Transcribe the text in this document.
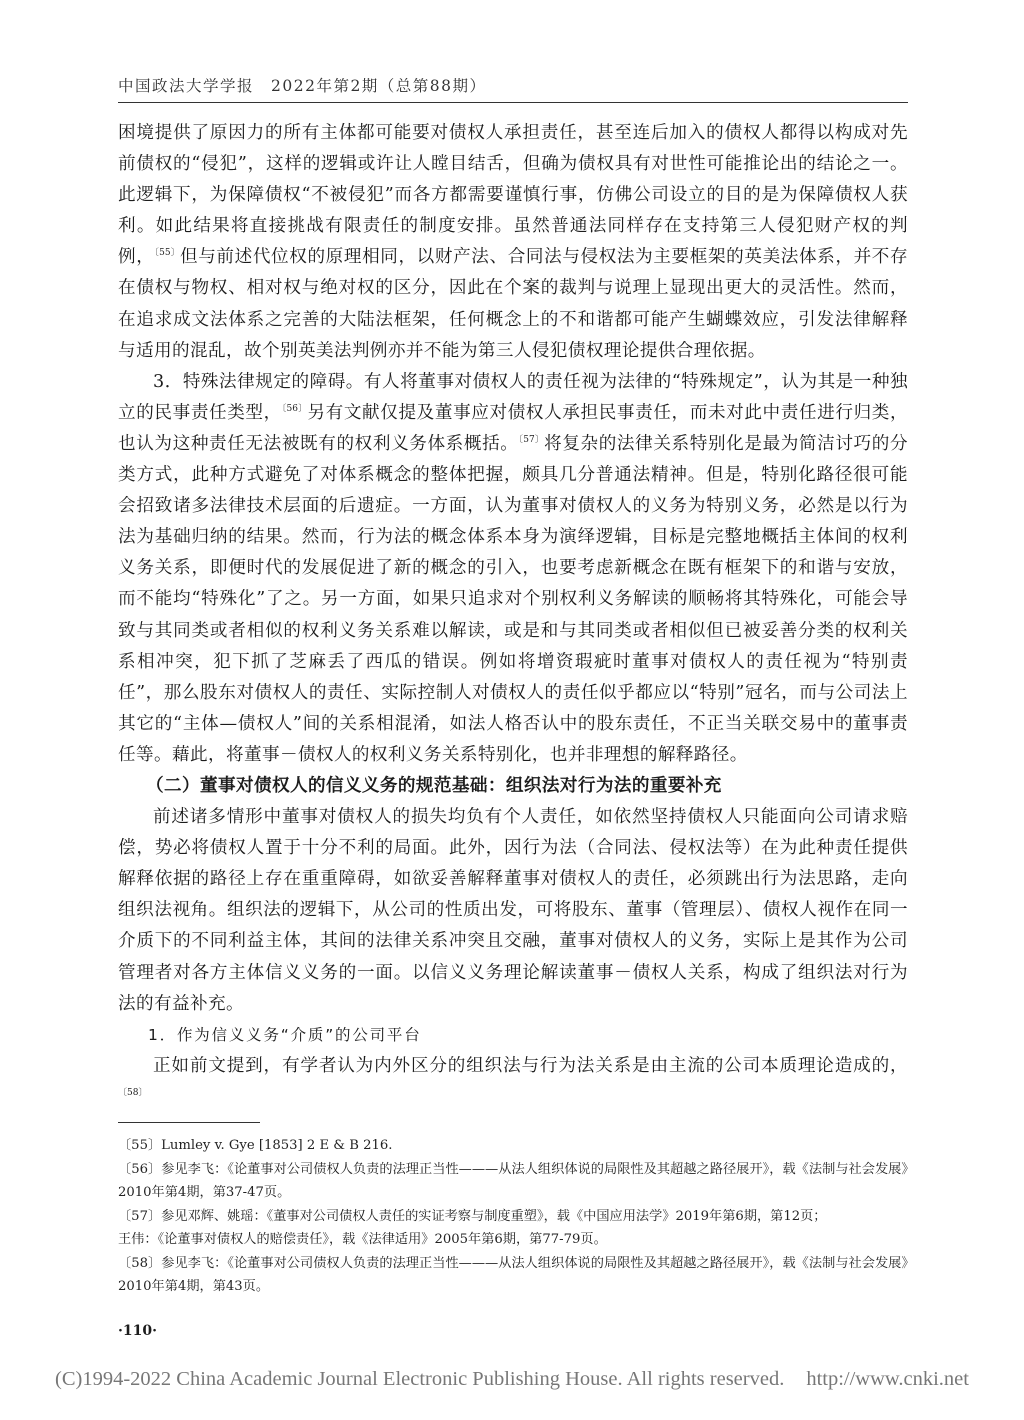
中国政法大学学报　2022年第2期（总第88期）

困境提供了原因力的所有主体都可能要对债权人承担责任，甚至连后加入的债权人都得以构成对先前债权的“侵犯”，这样的逻辑或许让人瞠目结舌，但确为债权具有对世性可能推论出的结论之一。此逻辑下，为保障债权“不被侵犯”而各方都需要谨慎行事，仿佛公司设立的目的是为保障债权人获利。如此结果将直接挑战有限责任的制度安排。虽然普通法同样存在支持第三人侵犯财产权的判例，$^{〔55〕}$但与前述代位权的原理相同，以财产法、合同法与侵权法为主要框架的英美法体系，并不存在债权与物权、相对权与绝对权的区分，因此在个案的裁判与说理上显现出更大的灵活性。然而，在追求成文法体系之完善的大陆法框架，任何概念上的不和谐都可能产生蝴蝶效应，引发法律解释与适用的混乱，故个别英美法判例亦并不能为第三人侵犯债权理论提供合理依据。

3．特殊法律规定的障碍。有人将董事对债权人的责任视为法律的“特殊规定”，认为其是一种独立的民事责任类型，$^{〔56〕}$另有文献仅提及董事应对债权人承担民事责任，而未对此中责任进行归类，也认为这种责任无法被既有的权利义务体系概括。$^{〔57〕}$将复杂的法律关系特别化是最为简洁讨巧的分类方式，此种方式避免了对体系概念的整体把握，颇具几分普通法精神。但是，特别化路径很可能会招致诸多法律技术层面的后遗症。一方面，认为董事对债权人的义务为特别义务，必然是以行为法为基础归纳的结果。然而，行为法的概念体系本身为演绎逻辑，目标是完整地概括主体间的权利义务关系，即便时代的发展促进了新的概念的引入，也要考虑新概念在既有框架下的和谐与安放，而不能均“特殊化”了之。另一方面，如果只追求对个别权利义务解读的顺畅将其特殊化，可能会导致与其同类或者相似的权利义务关系难以解读，或是和与其同类或者相似但已被妥善分类的权利关系相冲突，犯下抓了芝麻丢了西瓜的错误。例如将增资瑕疵时董事对债权人的责任视为“特别责任”，那么股东对债权人的责任、实际控制人对债权人的责任似乎都应以“特别”冠名，而与公司法上其它的“主体—债权人”间的关系相混淆，如法人格否认中的股东责任，不正当关联交易中的董事责任等。藉此，将董事－债权人的权利义务关系特别化，也并非理想的解释路径。

（二）董事对债权人的信义义务的规范基础：组织法对行为法的重要补充

前述诸多情形中董事对债权人的损失均负有个人责任，如依然坚持债权人只能面向公司请求赔偿，势必将债权人置于十分不利的局面。此外，因行为法（合同法、侵权法等）在为此种责任提供解释依据的路径上存在重重障碍，如欲妥善解释董事对债权人的责任，必须跳出行为法思路，走向组织法视角。组织法的逻辑下，从公司的性质出发，可将股东、董事（管理层）、债权人视作在同一介质下的不同利益主体，其间的法律关系冲突且交融，董事对债权人的义务，实际上是其作为公司管理者对各方主体信义义务的一面。以信义义务理论解读董事－债权人关系，构成了组织法对行为法的有益补充。

1．作为信义义务“介质”的公司平台

正如前文提到，有学者认为内外区分的组织法与行为法关系是由主流的公司本质理论造成的，$^{〔58〕}$

〔55〕Lumley v. Gye [1853] 2 E & B 216.

〔56〕参见李飞：《论董事对公司债权人负责的法理正当性———从法人组织体说的局限性及其超越之路径展开》，载《法制与社会发展》2010年第4期，第37-47页。

〔57〕参见邓辉、姚瑶：《董事对公司债权人责任的实证考察与制度重塑》，载《中国应用法学》2019年第6期，第12页；
王伟：《论董事对债权人的赔偿责任》，载《法律适用》2005年第6期，第77-79页。

〔58〕参见李飞：《论董事对公司债权人负责的法理正当性———从法人组织体说的局限性及其超越之路径展开》，载《法制与社会发展》2010年第4期，第43页。

·110·
(C)1994-2022 China Academic Journal Electronic Publishing House. All rights reserved. http://www.cnki.net
